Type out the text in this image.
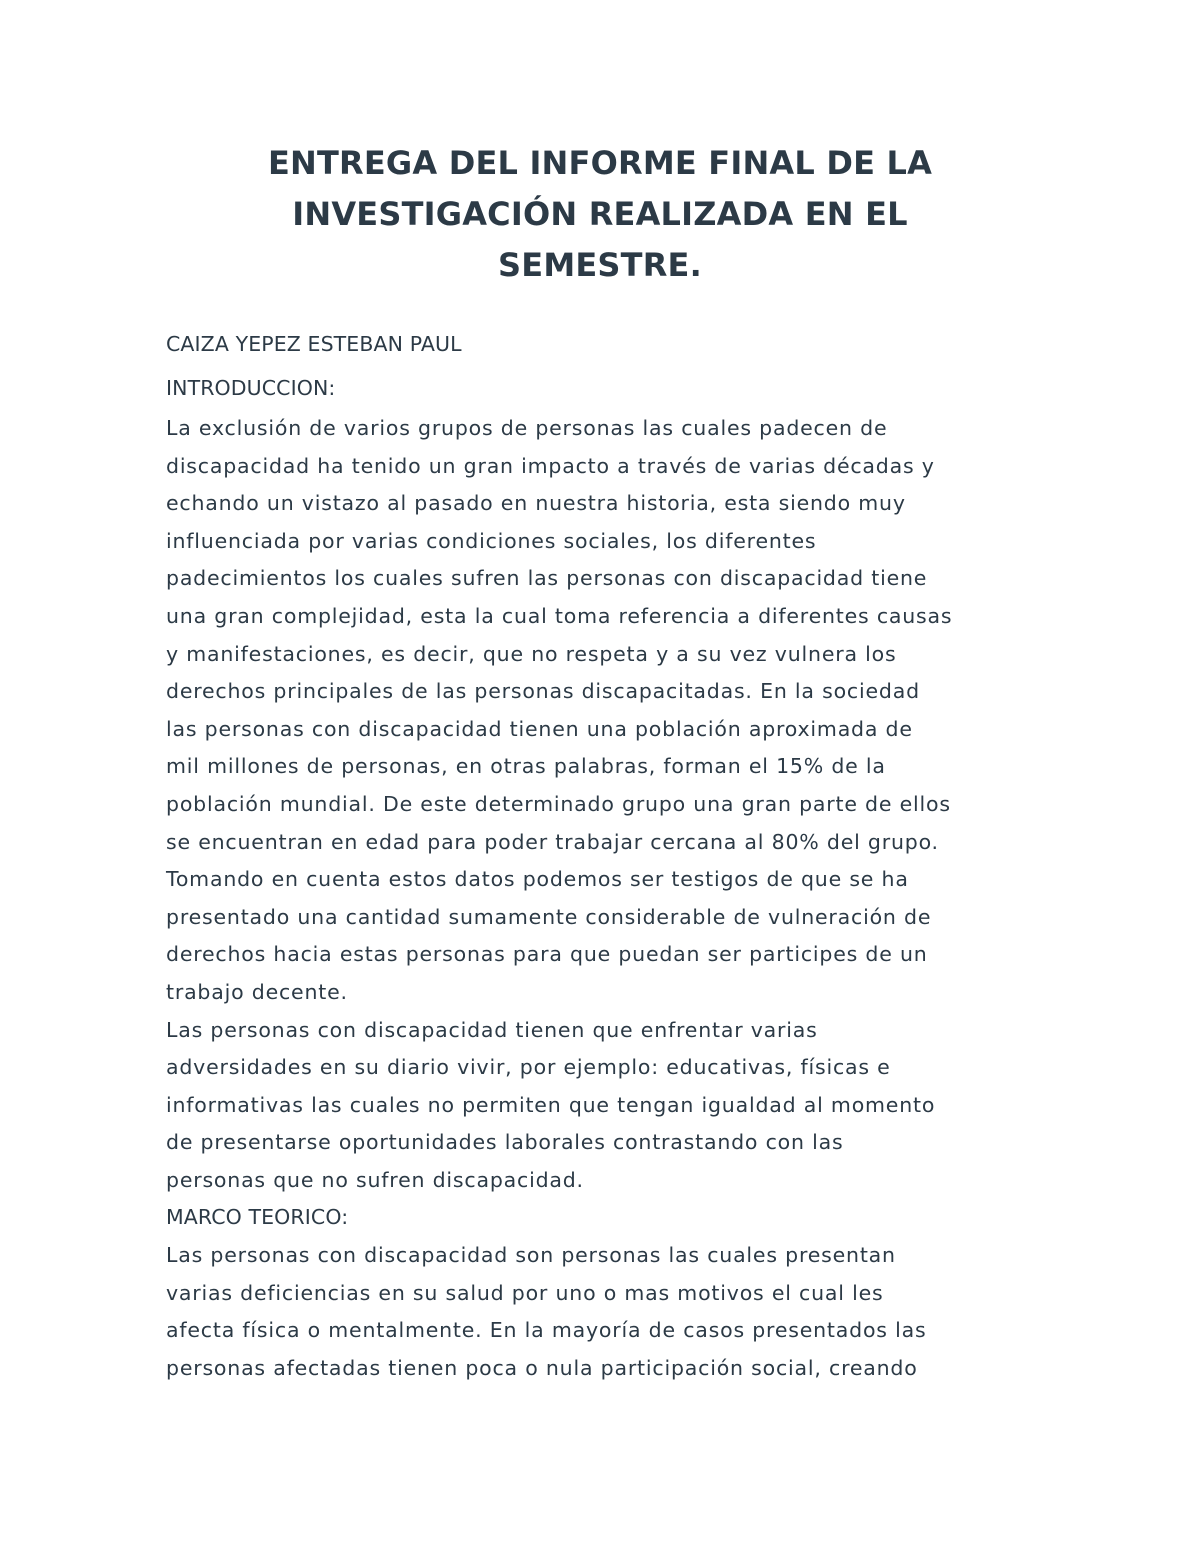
ENTREGA DEL INFORME FINAL DE LA
INVESTIGACIÓN REALIZADA EN EL
SEMESTRE.
CAIZA YEPEZ ESTEBAN PAUL
INTRODUCCION:
La exclusión de varios grupos de personas las cuales padecen de
discapacidad ha tenido un gran impacto a través de varias décadas y
echando un vistazo al pasado en nuestra historia, esta siendo muy
influenciada por varias condiciones sociales, los diferentes
padecimientos los cuales sufren las personas con discapacidad tiene
una gran complejidad, esta la cual toma referencia a diferentes causas
y manifestaciones, es decir, que no respeta y a su vez vulnera los
derechos principales de las personas discapacitadas. En la sociedad
las personas con discapacidad tienen una población aproximada de
mil millones de personas, en otras palabras, forman el 15% de la
población mundial. De este determinado grupo una gran parte de ellos
se encuentran en edad para poder trabajar cercana al 80% del grupo.
Tomando en cuenta estos datos podemos ser testigos de que se ha
presentado una cantidad sumamente considerable de vulneración de
derechos hacia estas personas para que puedan ser participes de un
trabajo decente.
Las personas con discapacidad tienen que enfrentar varias
adversidades en su diario vivir, por ejemplo: educativas, físicas e
informativas las cuales no permiten que tengan igualdad al momento
de presentarse oportunidades laborales contrastando con las
personas que no sufren discapacidad.
MARCO TEORICO:
Las personas con discapacidad son personas las cuales presentan
varias deficiencias en su salud por uno o mas motivos el cual les
afecta física o mentalmente. En la mayoría de casos presentados las
personas afectadas tienen poca o nula participación social, creando
